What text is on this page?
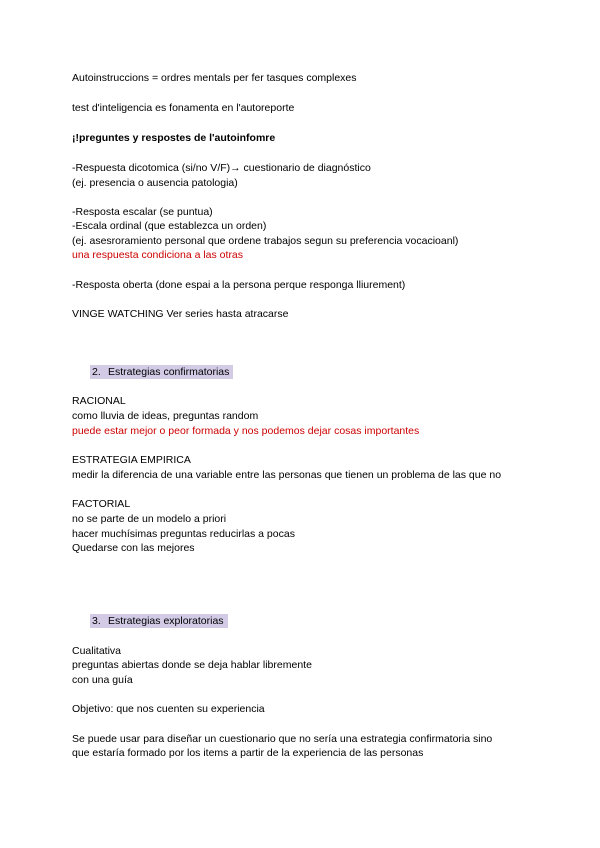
Autoinstruccions = ordres mentals per fer tasques complexes
test d'inteligencia es fonamenta en l'autoreporte
¡!preguntes y respostes de l'autoinfomre
-Respuesta dicotomica (si/no V/F)→ cuestionario de diagnóstico
(ej. presencia o ausencia patologia)
-Resposta escalar (se puntua)
-Escala ordinal (que establezca un orden)
(ej. asesroramiento personal que ordene trabajos segun su preferencia vocacioanl)
una respuesta condiciona a las otras
-Resposta oberta (done espai a la persona perque responga lliurement)
VINGE WATCHING Ver series hasta atracarse
2. Estrategias confirmatorias
RACIONAL
como lluvia de ideas, preguntas random
puede estar mejor o peor formada y nos podemos dejar cosas importantes
ESTRATEGIA EMPIRICA
medir la diferencia de una variable entre las personas que tienen un problema de las que no
FACTORIAL
no se parte de un modelo a priori
hacer muchísimas preguntas reducirlas a pocas
Quedarse con las mejores
3. Estrategias exploratorias
Cualitativa
preguntas abiertas donde se deja hablar libremente
con una guía
Objetivo: que nos cuenten su experiencia
Se puede usar para diseñar un cuestionario que no sería una estrategia confirmatoria sino
que estaría formado por los items a partir de la experiencia de las personas
